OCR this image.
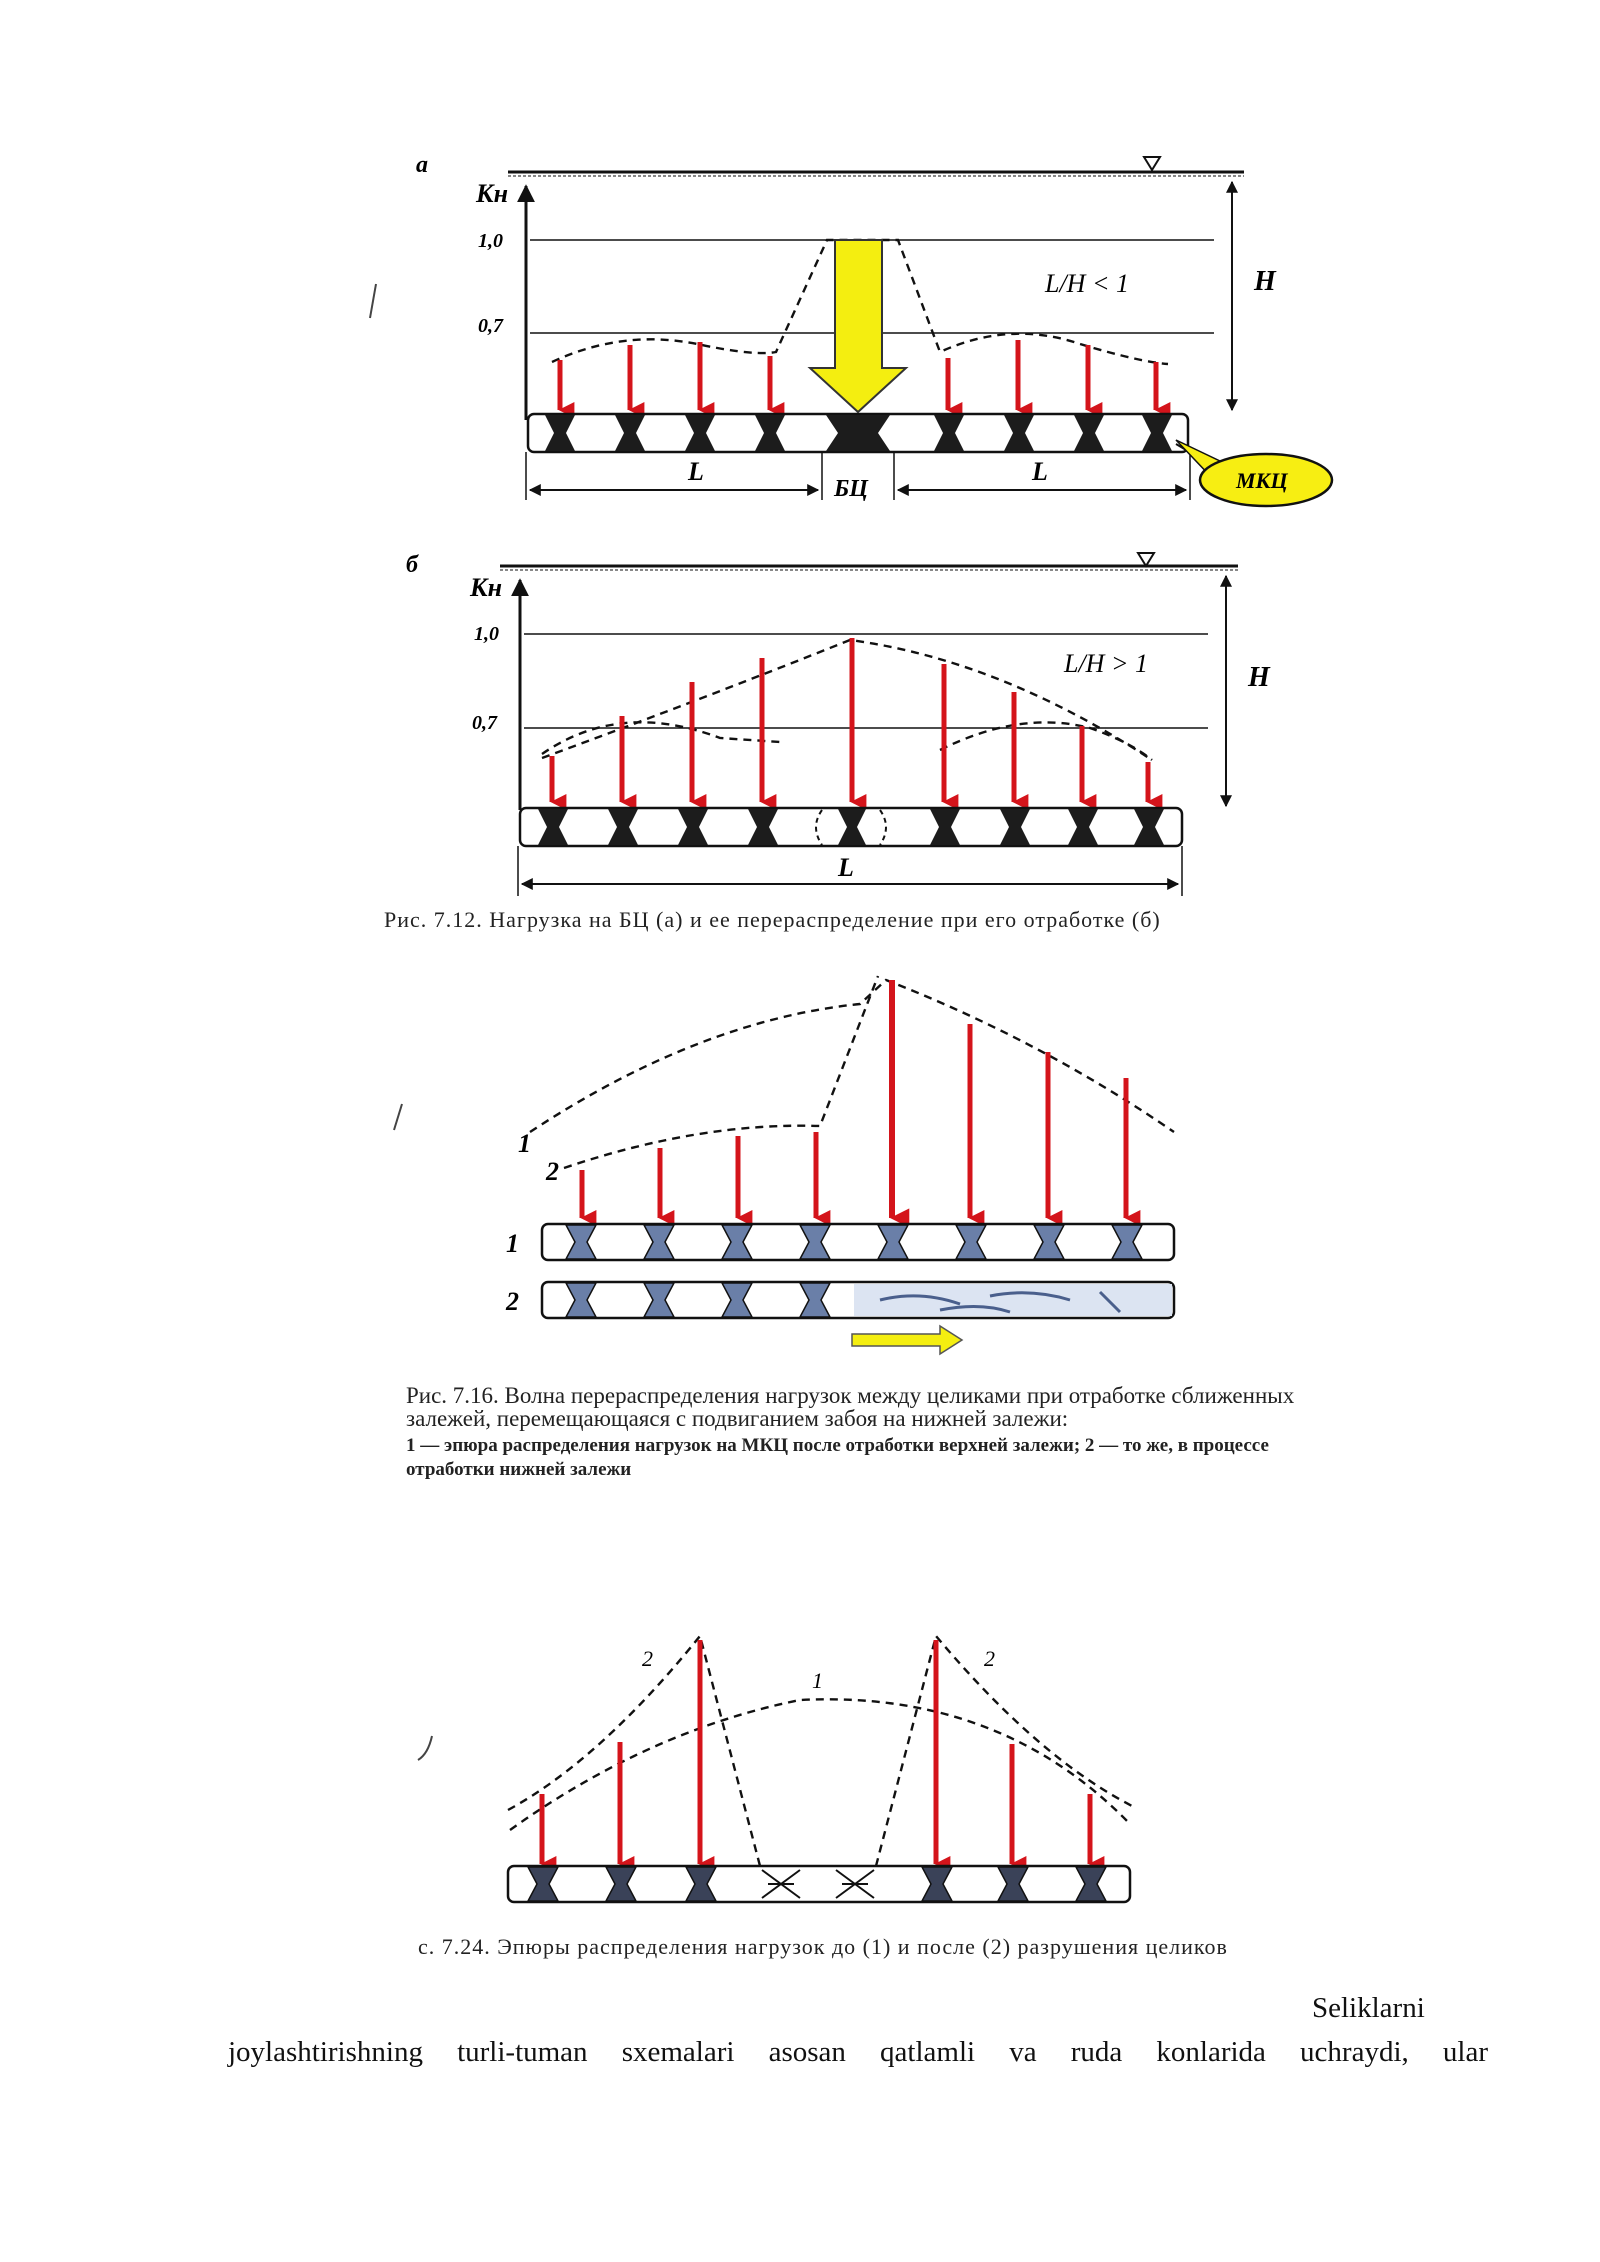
а
Кн
1,0
0,7
L/H < 1	H
L	L
БЦ	МКЦ
б
Кн
1,0
0,7
L/H > 1	H
L
1
2
1
2
1
2	2
Рис. 7.12. Нагрузка на БЦ (а) и ее перераспределение при его отработке (б)
Рис. 7.16. Волна перераспределения нагрузок между целиками при отработке сближенных залежей, перемещающаяся с подвиганием забоя на нижней залежи:
1 — эпюра распределения нагрузок на МКЦ после отработки верхней залежи; 2 — то же, в процессе отработки нижней залежи
с. 7.24. Эпюры распределения нагрузок до (1) и после (2) разрушения целиков
Seliklarni
joylashtirishning turli-tuman sxemalari asosan qatlamli va ruda konlarida uchraydi, ular
